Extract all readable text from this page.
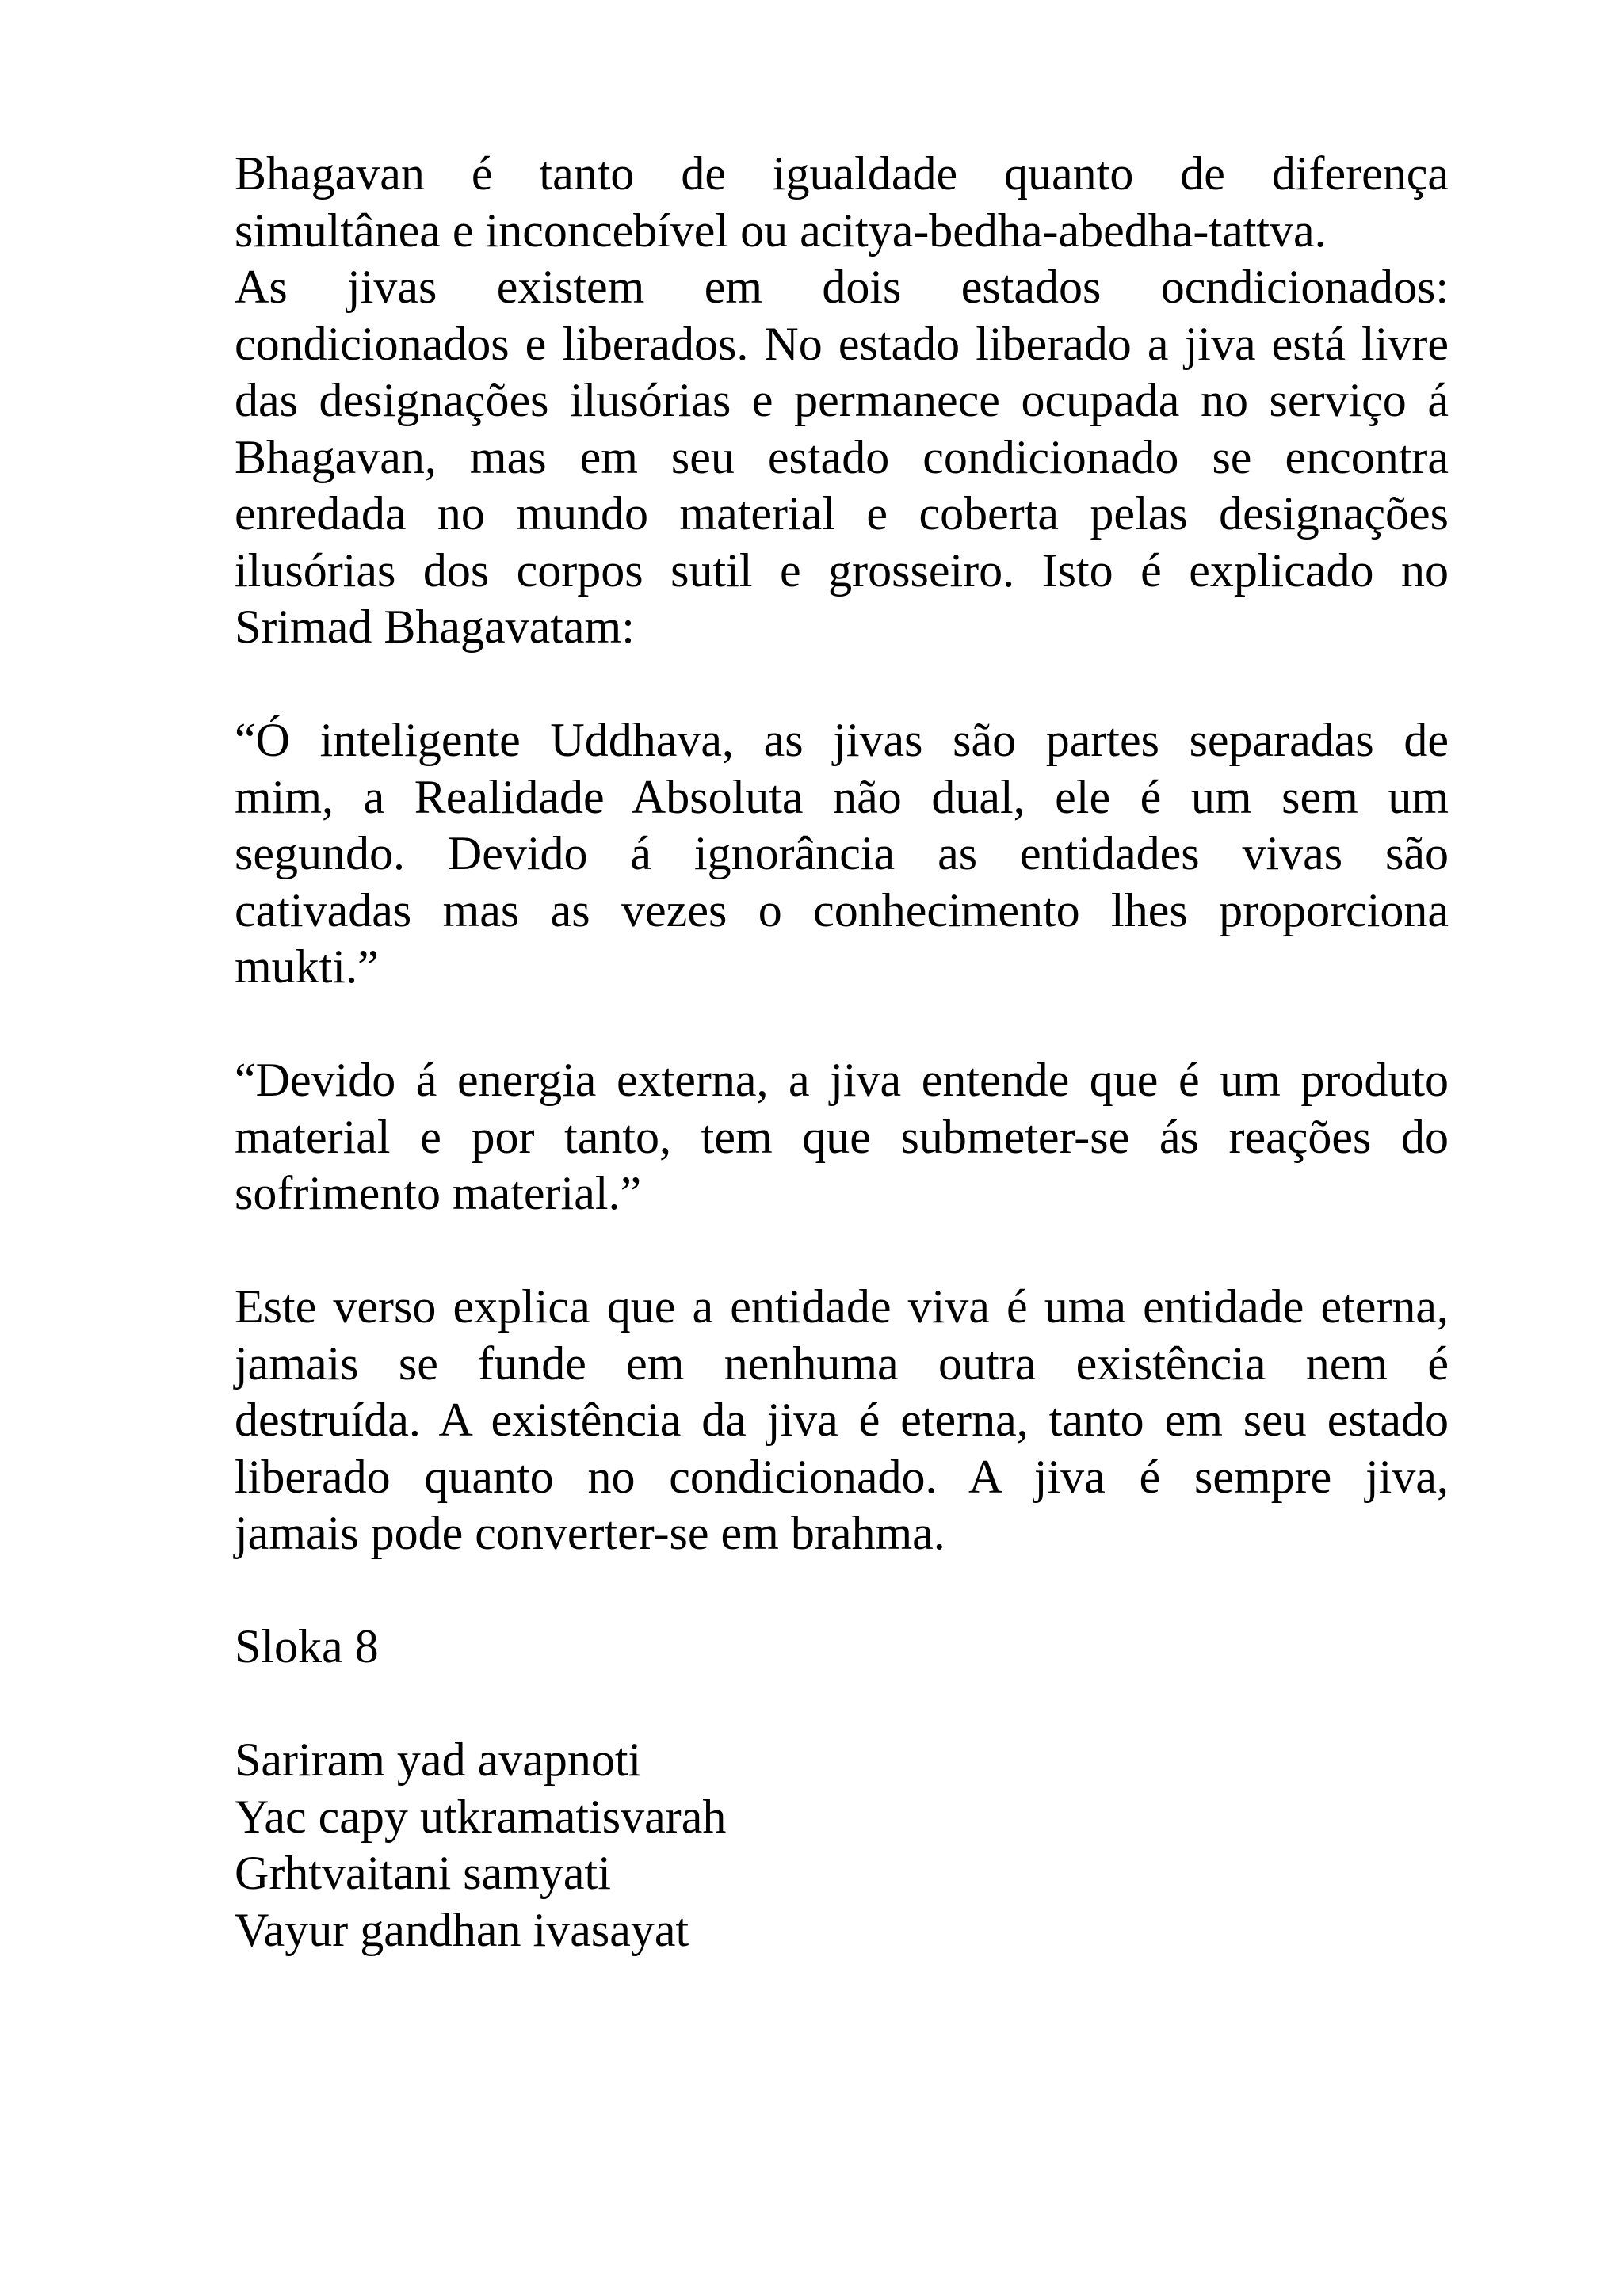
Bhagavan é tanto de igualdade quanto de diferença
simultânea e inconcebível ou acitya-bedha-abedha-tattva.
As jivas existem em dois estados ocndicionados:
condicionados e liberados. No estado liberado a jiva está livre
das designações ilusórias e permanece ocupada no serviço á
Bhagavan, mas em seu estado condicionado se encontra
enredada no mundo material e coberta pelas designações
ilusórias dos corpos sutil e grosseiro. Isto é explicado no
Srimad Bhagavatam:
“Ó inteligente Uddhava, as jivas são partes separadas de
mim, a Realidade Absoluta não dual, ele é um sem um
segundo. Devido á ignorância as entidades vivas são
cativadas mas as vezes o conhecimento lhes proporciona
mukti.”
“Devido á energia externa, a jiva entende que é um produto
material e por tanto, tem que submeter-se ás reações do
sofrimento material.”
Este verso explica que a entidade viva é uma entidade eterna,
jamais se funde em nenhuma outra existência nem é
destruída. A existência da jiva é eterna, tanto em seu estado
liberado quanto no condicionado. A jiva é sempre jiva,
jamais pode converter-se em brahma.
Sloka 8
Sariram yad avapnoti
Yac capy utkramatisvarah
Grhtvaitani samyati
Vayur gandhan ivasayat
